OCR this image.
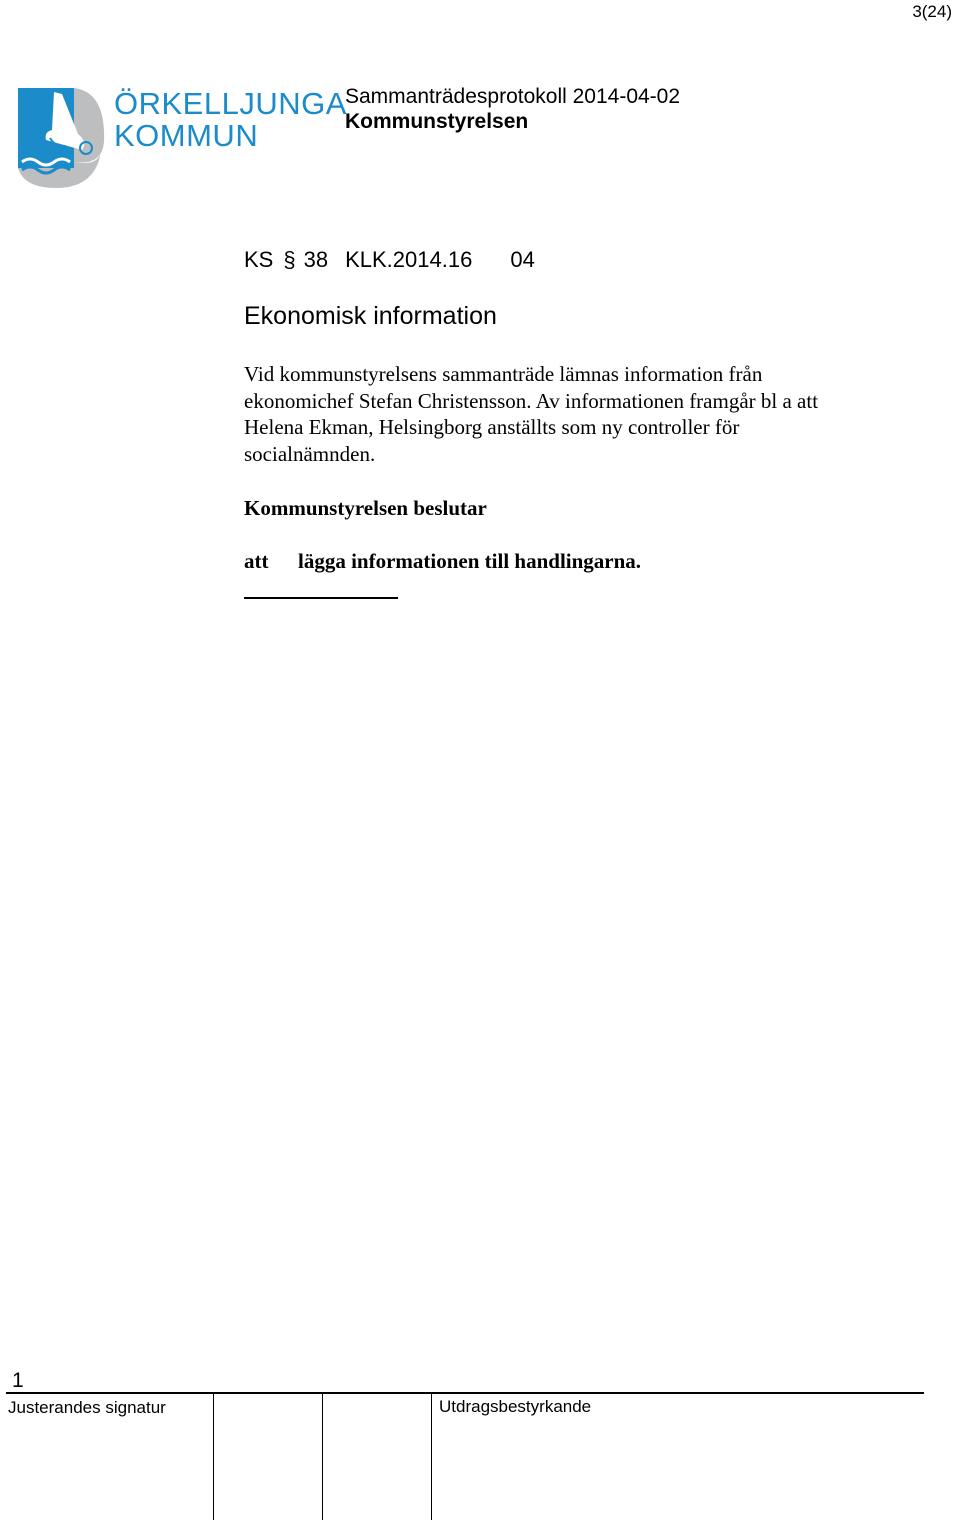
3(24)
ÖRKELLJUNGA
KOMMUN
Sammanträdesprotokoll 2014-04-02
Kommunstyrelsen
KS § 38 KLK.2014.16 04
Ekonomisk information
Vid kommunstyrelsens sammanträde lämnas information från ekonomichef Stefan Christensson. Av informationen framgår bl a att Helena Ekman, Helsingborg anställts som ny controller för socialnämnden.
Kommunstyrelsen beslutar
att lägga informationen till handlingarna.
1
Justerandes signatur	Utdragsbestyrkande
